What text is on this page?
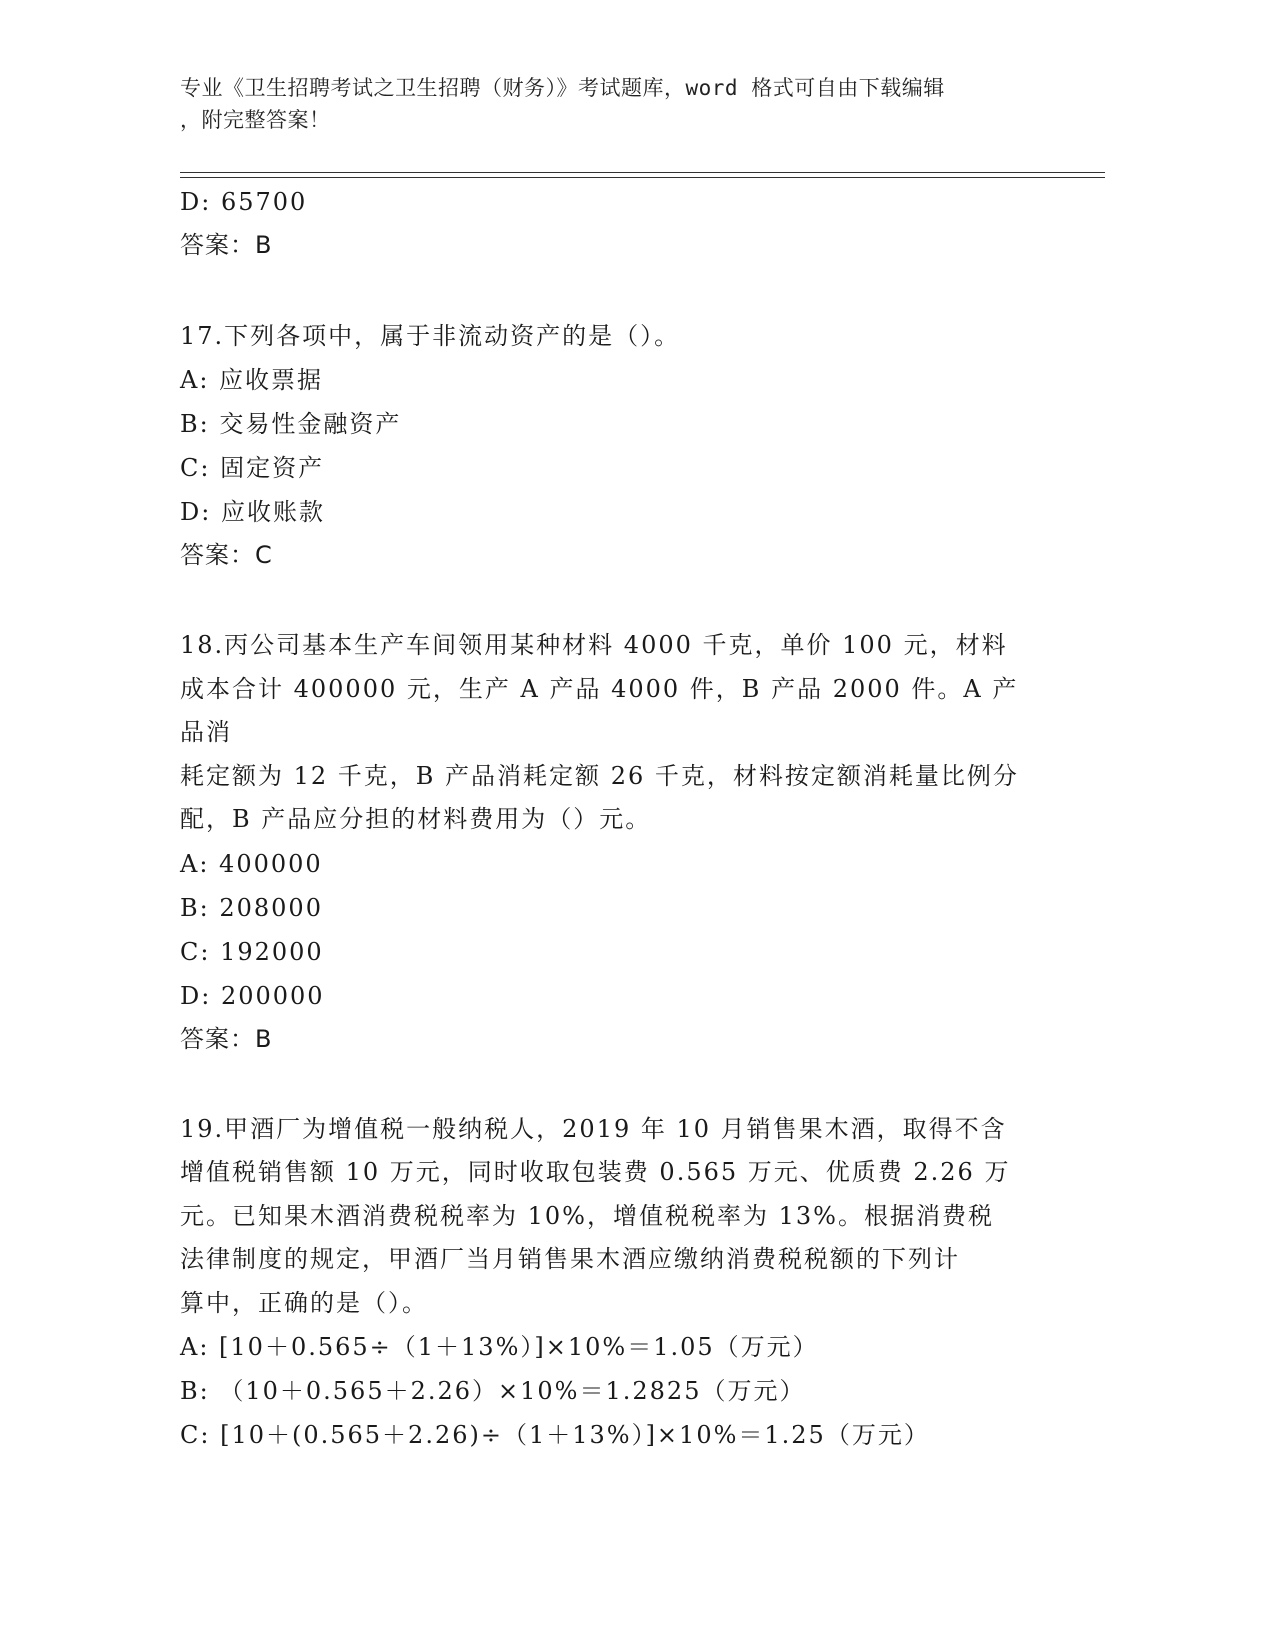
专业《卫生招聘考试之卫生招聘（财务）》考试题库，word 格式可自由下载编辑
，附完整答案！
D: 65700
答案：B
17.下列各项中，属于非流动资产的是（）。
A: 应收票据
B: 交易性金融资产
C: 固定资产
D: 应收账款
答案：C
18.丙公司基本生产车间领用某种材料 4000 千克，单价 100 元，材料
成本合计 400000 元，生产 A 产品 4000 件，B 产品 2000 件。A 产品消
耗定额为 12 千克，B 产品消耗定额 26 千克，材料按定额消耗量比例分
配，B 产品应分担的材料费用为（）元。
A: 400000
B: 208000
C: 192000
D: 200000
答案：B
19.甲酒厂为增值税一般纳税人，2019 年 10 月销售果木酒，取得不含
增值税销售额 10 万元，同时收取包装费 0.565 万元、优质费 2.26 万
元。已知果木酒消费税税率为 10%，增值税税率为 13%。根据消费税
法律制度的规定，甲酒厂当月销售果木酒应缴纳消费税税额的下列计
算中，正确的是（）。
A: [10＋0.565÷（1＋13%）]×10%＝1.05（万元）
B: （10＋0.565＋2.26）×10%＝1.2825（万元）
C: [10＋(0.565＋2.26)÷（1＋13%）]×10%＝1.25（万元）
